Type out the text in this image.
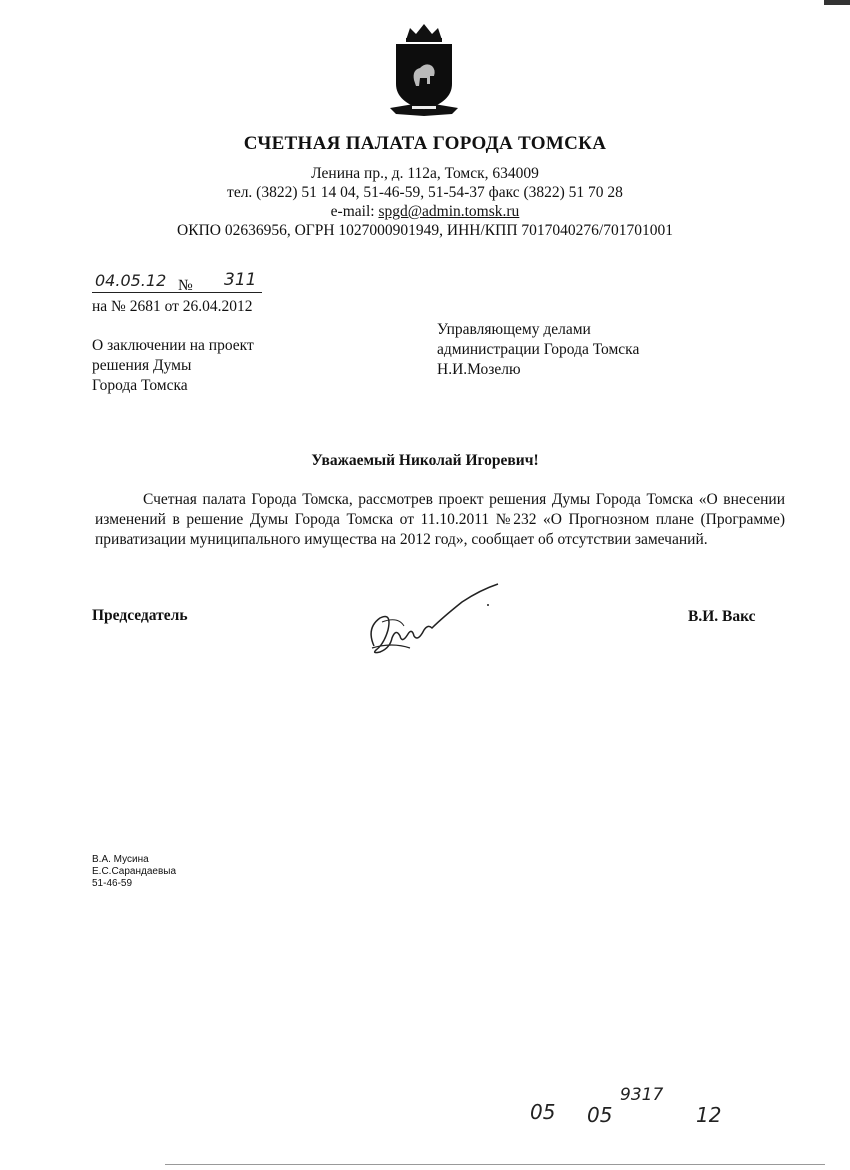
СЧЕТНАЯ ПАЛАТА ГОРОДА ТОМСКА
Ленина пр., д. 112а, Томск, 634009
тел. (3822) 51 14 04, 51-46-59, 51-54-37 факс (3822) 51 70 28
e-mail: spgd@admin.tomsk.ru
ОКПО 02636956, ОГРН 1027000901949, ИНН/КПП 7017040276/701701001
04.05.12 № 311
на № 2681 от 26.04.2012
О заключении на проект
решения Думы
Города Томска
Управляющему делами
администрации Города Томска
Н.И.Мозелю
Уважаемый Николай Игоревич!
Счетная палата Города Томска, рассмотрев проект решения Думы Города Томска «О внесении изменений в решение Думы Города Томска от 11.10.2011 №232 «О Прогнозном плане (Программе) приватизации муниципального имущества на 2012 год», сообщает об отсутствии замечаний.
Председатель	В.И. Вакс
В.А. Мусина
Е.С.Сарандаевыа
51-46-59
05 05
9317
12
